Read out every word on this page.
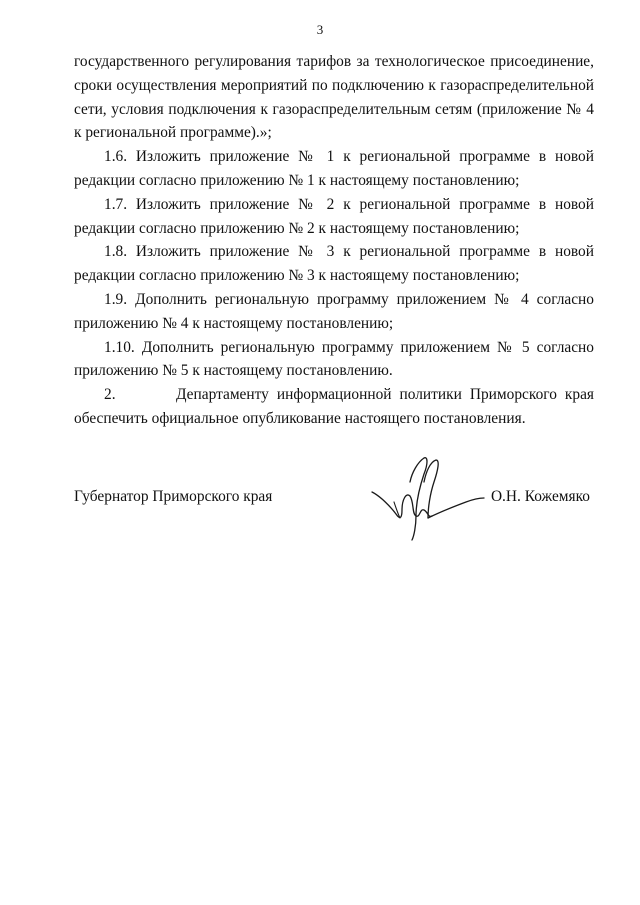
3

государственного регулирования тарифов за технологическое присоединение, сроки осуществления мероприятий по подключению к газораспределительной сети, условия подключения к газораспределительным сетям (приложение № 4 к региональной программе).»;

1.6. Изложить приложение № 1 к региональной программе в новой редакции согласно приложению № 1 к настоящему постановлению;

1.7. Изложить приложение № 2 к региональной программе в новой редакции согласно приложению № 2 к настоящему постановлению;

1.8. Изложить приложение № 3 к региональной программе в новой редакции согласно приложению № 3 к настоящему постановлению;

1.9. Дополнить региональную программу приложением № 4 согласно приложению № 4 к настоящему постановлению;

1.10. Дополнить региональную программу приложением № 5 согласно приложению № 5 к настоящему постановлению.

2.	Департаменту информационной политики Приморского края обеспечить официальное опубликование настоящего постановления.

Губернатор Приморского края	О.Н. Кожемяко
